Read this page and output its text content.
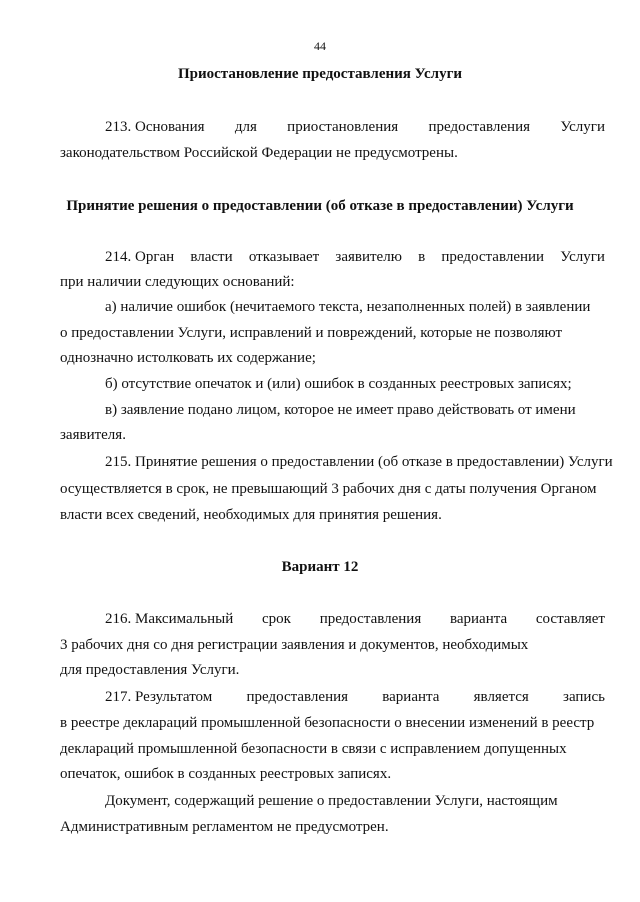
44
Приостановление предоставления Услуги
213. Основания для приостановления предоставления Услуги
законодательством Российской Федерации не предусмотрены.
Принятие решения о предоставлении (об отказе в предоставлении) Услуги
214. Орган власти отказывает заявителю в предоставлении Услуги
при наличии следующих оснований:
а) наличие ошибок (нечитаемого текста, незаполненных полей) в заявлении
о предоставлении Услуги, исправлений и повреждений, которые не позволяют
однозначно истолковать их содержание;
б) отсутствие опечаток и (или) ошибок в созданных реестровых записях;
в) заявление подано лицом, которое не имеет право действовать от имени
заявителя.
215. Принятие решения о предоставлении (об отказе в предоставлении) Услуги
осуществляется в срок, не превышающий 3 рабочих дня с даты получения Органом
власти всех сведений, необходимых для принятия решения.
Вариант 12
216. Максимальный срок предоставления варианта составляет
3 рабочих дня со дня регистрации заявления и документов, необходимых
для предоставления Услуги.
217. Результатом предоставления варианта является запись
в реестре деклараций промышленной безопасности о внесении изменений в реестр
деклараций промышленной безопасности в связи с исправлением допущенных
опечаток, ошибок в созданных реестровых записях.
Документ, содержащий решение о предоставлении Услуги, настоящим
Административным регламентом не предусмотрен.
